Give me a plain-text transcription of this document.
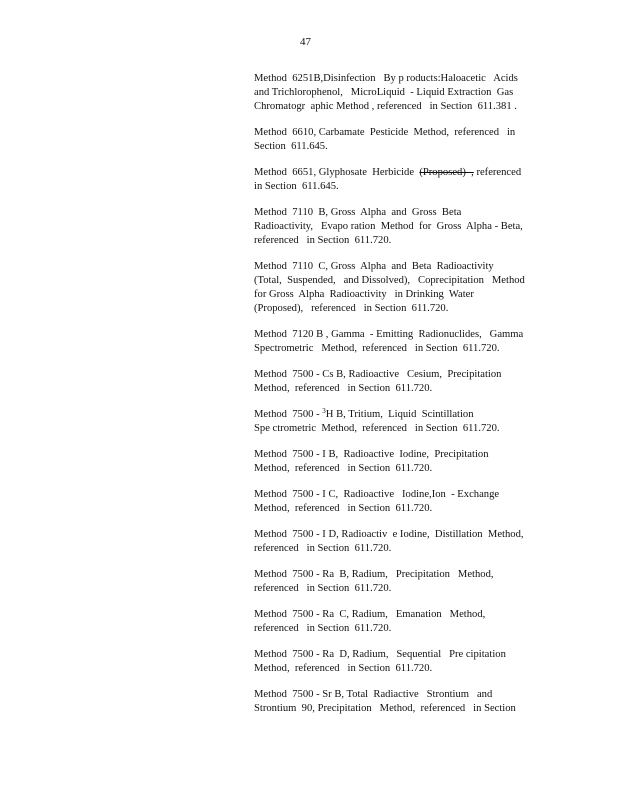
47

Method  6251B,Disinfection   By p roducts:Haloacetic   Acids
and Trichlorophenol,   MicroLiquid  - Liquid Extraction  Gas
Chromatogr  aphic Method , referenced   in Section  611.381 .

Method  6610, Carbamate  Pesticide  Method,  referenced   in
Section  611.645.

Method  6651, Glyphosate  Herbicide  (Proposed)  , referenced
in Section  611.645.

Method  7110  B, Gross  Alpha  and  Gross  Beta
Radioactivity,   Evapo ration  Method  for  Gross  Alpha - Beta,
referenced   in Section  611.720.

Method  7110  C, Gross  Alpha  and  Beta  Radioactivity
(Total,  Suspended,   and Dissolved),   Coprecipitation   Method
for Gross  Alpha  Radioactivity   in Drinking  Water
(Proposed),   referenced   in Section  611.720.

Method  7120 B , Gamma  - Emitting  Radionuclides,   Gamma
Spectrometric   Method,  referenced   in Section  611.720.

Method  7500 - Cs B, Radioactive   Cesium,  Precipitation
Method,  referenced   in Section  611.720.

Method  7500 - $^3$H B, Tritium,  Liquid  Scintillation
Spe ctrometric  Method,  referenced   in Section  611.720.

Method  7500 - I B,  Radioactive  Iodine,  Precipitation
Method,  referenced   in Section  611.720.

Method  7500 - I C,  Radioactive   Iodine,Ion  - Exchange
Method,  referenced   in Section  611.720.

Method  7500 - I D, Radioactiv  e Iodine,  Distillation  Method,
referenced   in Section  611.720.

Method  7500 - Ra  B, Radium,   Precipitation   Method,
referenced   in Section  611.720.

Method  7500 - Ra  C, Radium,   Emanation   Method,
referenced   in Section  611.720.

Method  7500 - Ra  D, Radium,   Sequential   Pre cipitation
Method,  referenced   in Section  611.720.

Method  7500 - Sr B, Total  Radiactive   Strontium   and
Strontium  90, Precipitation   Method,  referenced   in Section
